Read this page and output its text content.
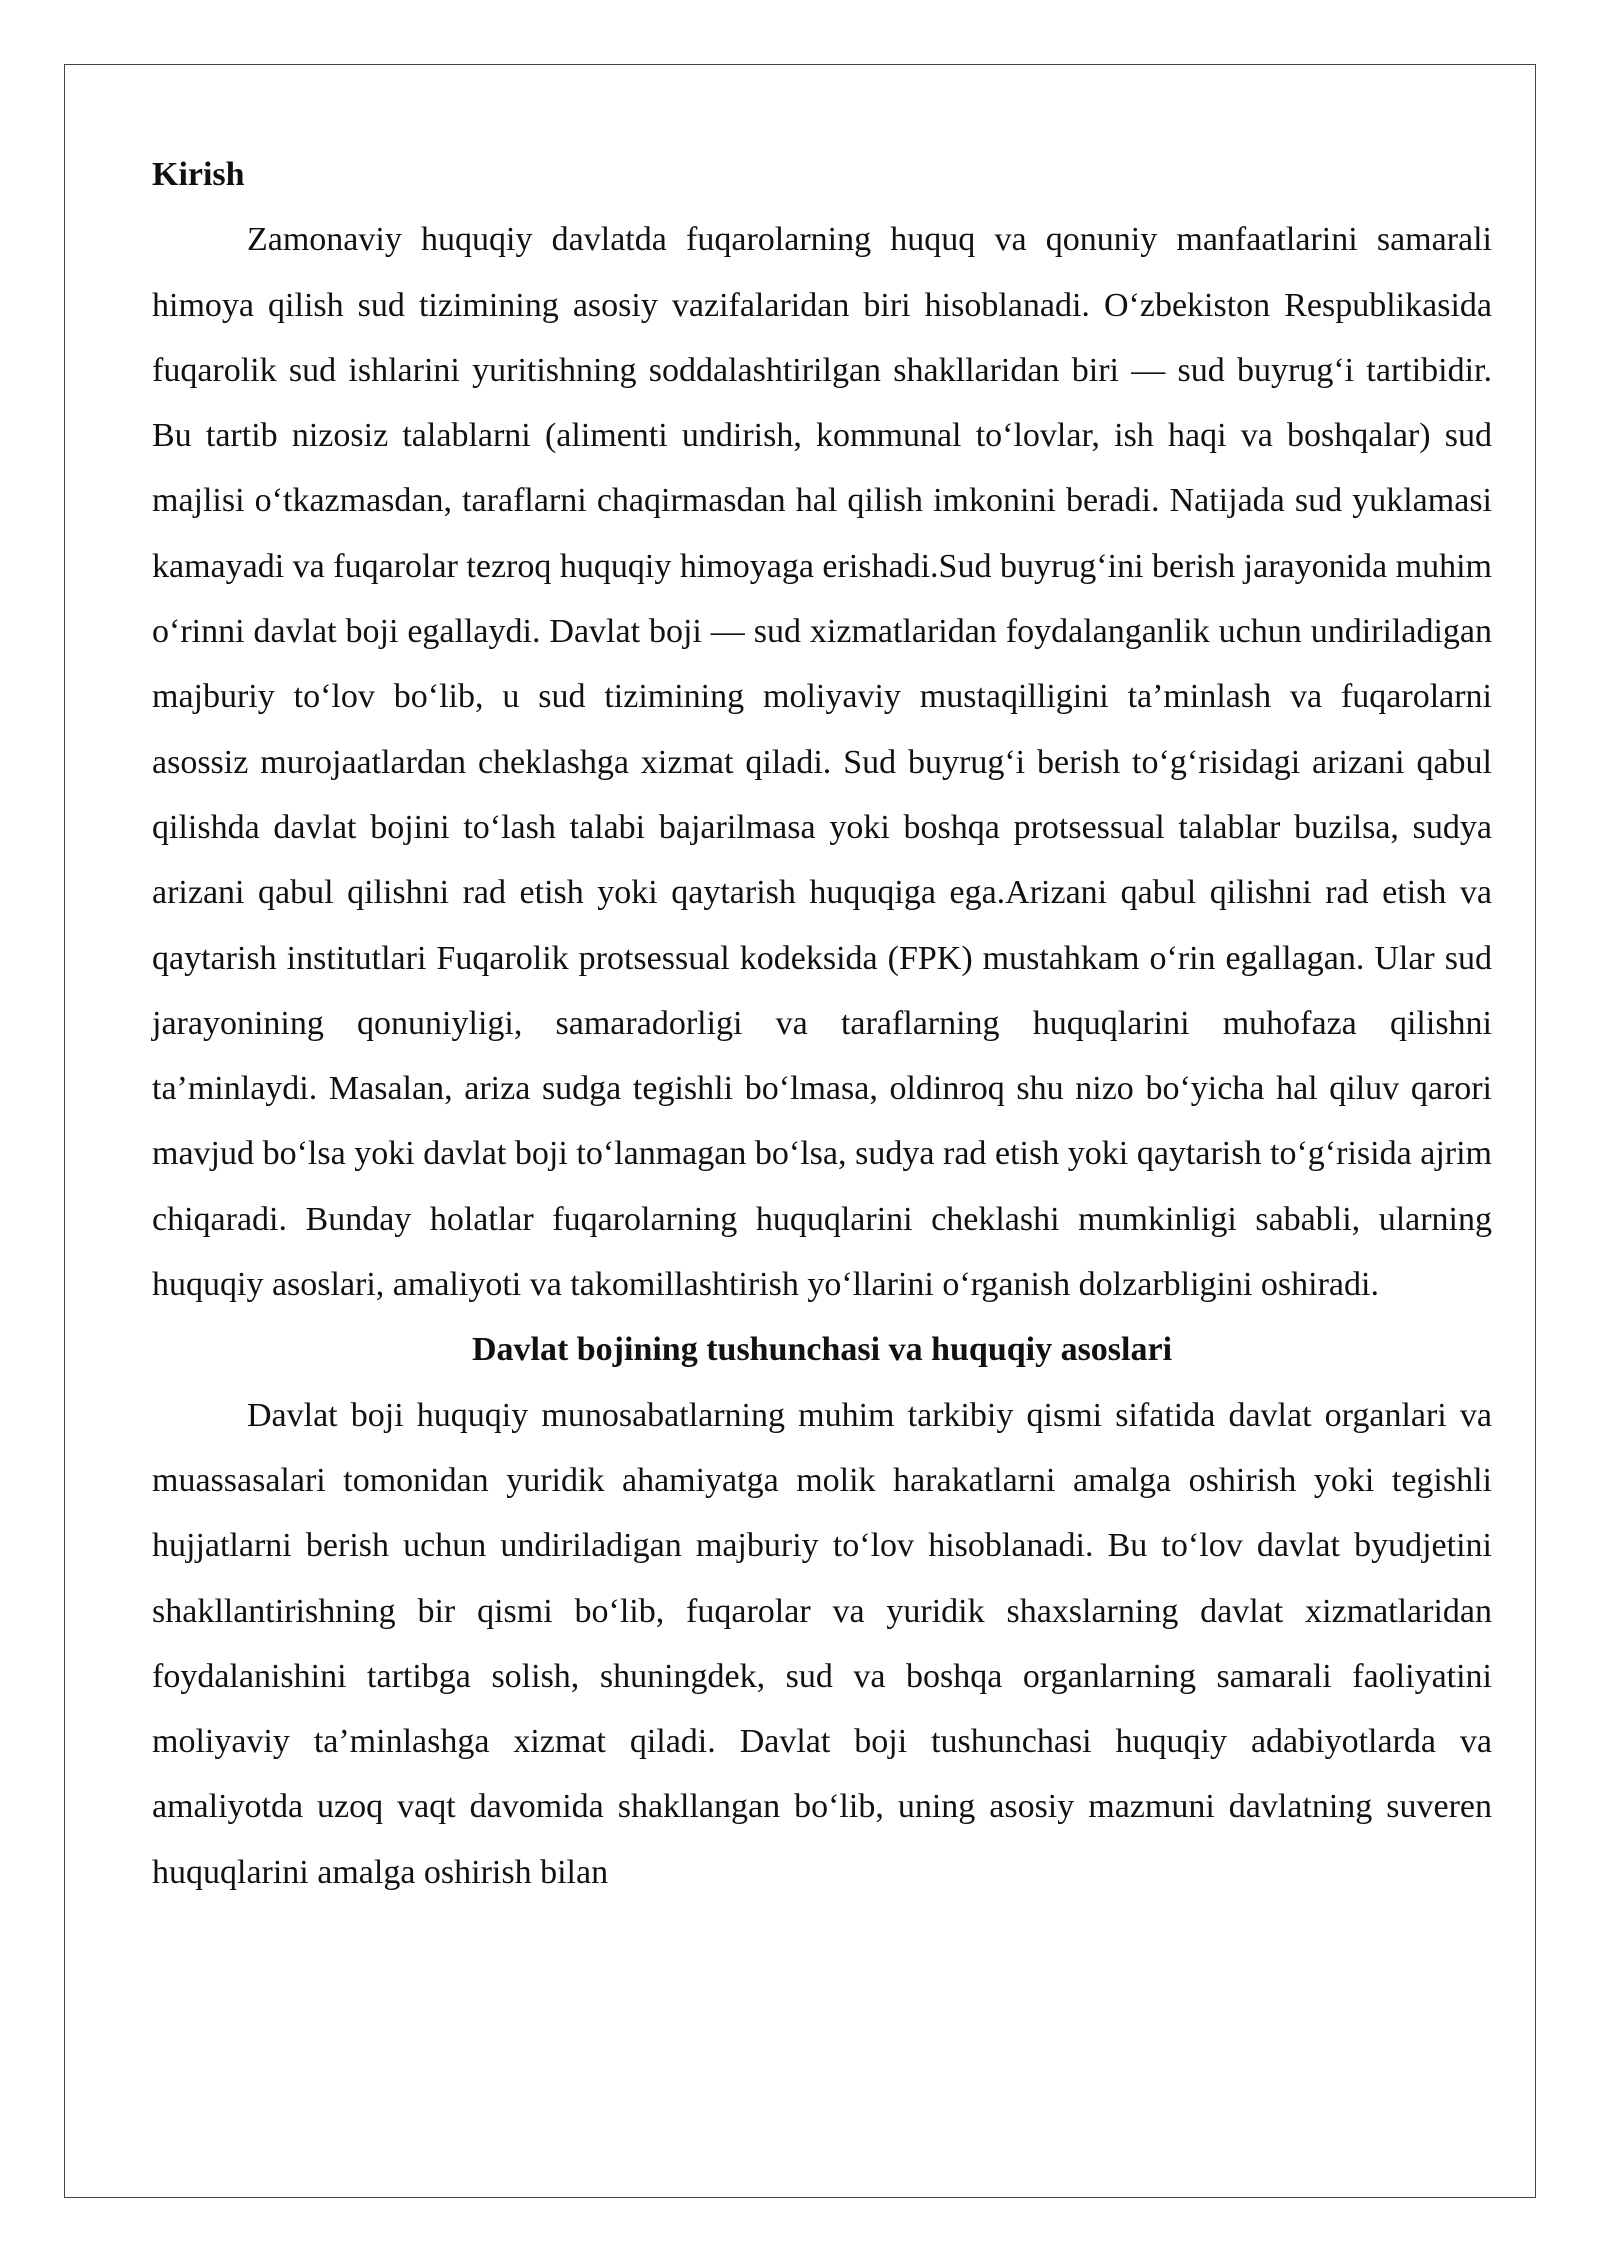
Kirish

Zamonaviy huquqiy davlatda fuqarolarning huquq va qonuniy manfaatlarini samarali himoya qilish sud tizimining asosiy vazifalaridan biri hisoblanadi. O‘zbekiston Respublikasida fuqarolik sud ishlarini yuritishning soddalashtirilgan shakllaridan biri — sud buyrug‘i tartibidir. Bu tartib nizosiz talablarni (alimenti undirish, kommunal to‘lovlar, ish haqi va boshqalar) sud majlisi o‘tkazmasdan, taraflarni chaqirmasdan hal qilish imkonini beradi. Natijada sud yuklamasi kamayadi va fuqarolar tezroq huquqiy himoyaga erishadi.Sud buyrug‘ini berish jarayonida muhim o‘rinni davlat boji egallaydi. Davlat boji — sud xizmatlaridan foydalanganlik uchun undiriladigan majburiy to‘lov bo‘lib, u sud tizimining moliyaviy mustaqilligini ta’minlash va fuqarolarni asossiz murojaatlardan cheklashga xizmat qiladi. Sud buyrug‘i berish to‘g‘risidagi arizani qabul qilishda davlat bojini to‘lash talabi bajarilmasa yoki boshqa protsessual talablar buzilsa, sudya arizani qabul qilishni rad etish yoki qaytarish huquqiga ega.Arizani qabul qilishni rad etish va qaytarish institutlari Fuqarolik protsessual kodeksida (FPK) mustahkam o‘rin egallagan. Ular sud jarayonining qonuniyligi, samaradorligi va taraflarning huquqlarini muhofaza qilishni ta’minlaydi. Masalan, ariza sudga tegishli bo‘lmasa, oldinroq shu nizo bo‘yicha hal qiluv qarori mavjud bo‘lsa yoki davlat boji to‘lanmagan bo‘lsa, sudya rad etish yoki qaytarish to‘g‘risida ajrim chiqaradi. Bunday holatlar fuqarolarning huquqlarini cheklashi mumkinligi sababli, ularning huquqiy asoslari, amaliyoti va takomillashtirish yo‘llarini o‘rganish dolzarbligini oshiradi.

Davlat bojining tushunchasi va huquqiy asoslari

Davlat boji huquqiy munosabatlarning muhim tarkibiy qismi sifatida davlat organlari va muassasalari tomonidan yuridik ahamiyatga molik harakatlarni amalga oshirish yoki tegishli hujjatlarni berish uchun undiriladigan majburiy to‘lov hisoblanadi. Bu to‘lov davlat byudjetini shakllantirishning bir qismi bo‘lib, fuqarolar va yuridik shaxslarning davlat xizmatlaridan foydalanishini tartibga solish, shuningdek, sud va boshqa organlarning samarali faoliyatini moliyaviy ta’minlashga xizmat qiladi. Davlat boji tushunchasi huquqiy adabiyotlarda va amaliyotda uzoq vaqt davomida shakllangan bo‘lib, uning asosiy mazmuni davlatning suveren huquqlarini amalga oshirish bilan
